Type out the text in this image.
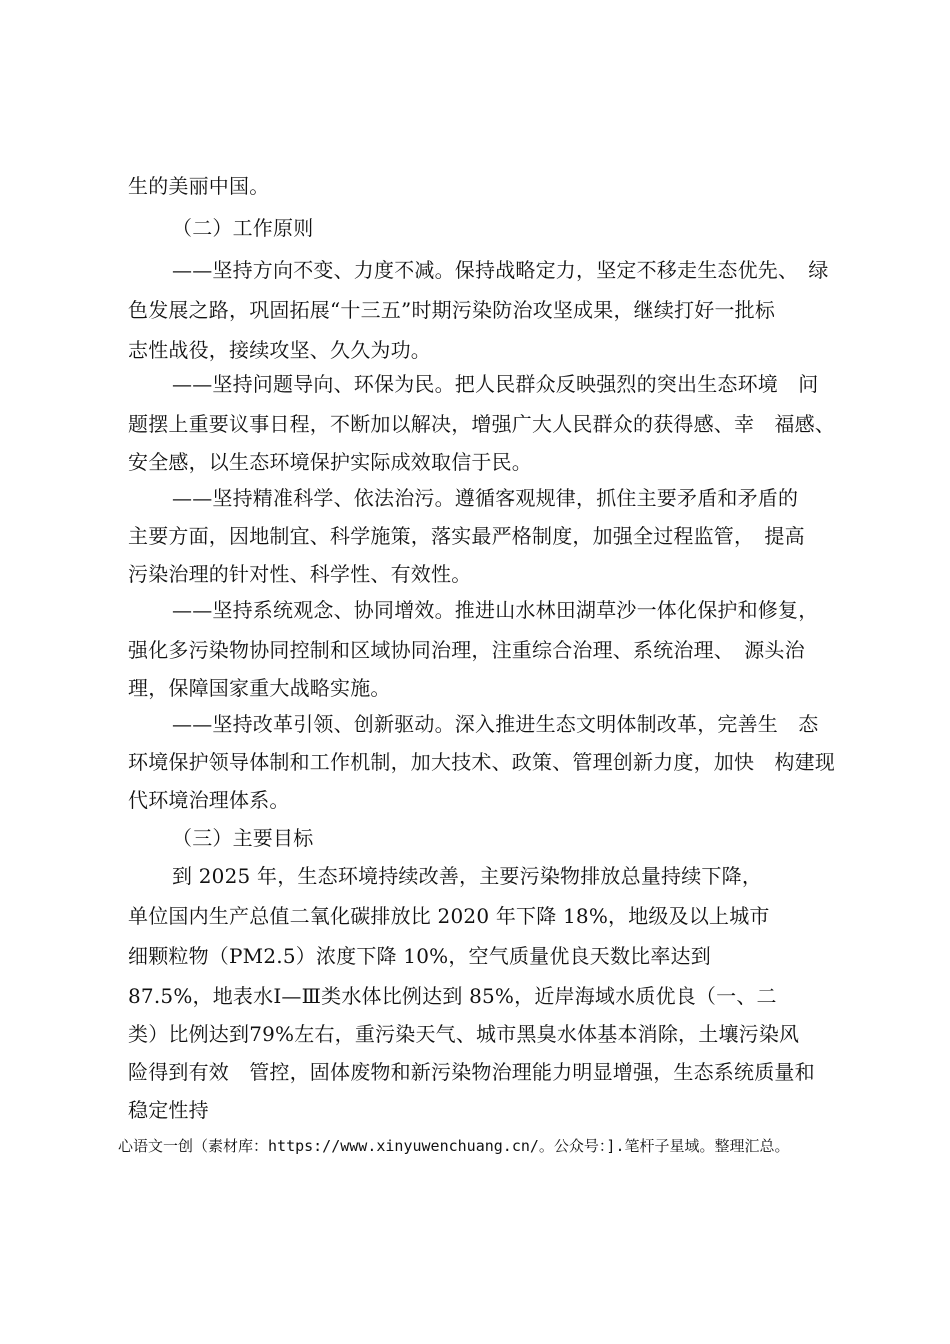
生的美丽中国。
（二）工作原则
——坚持方向不变、力度不减。保持战略定力，坚定不移走生态优先、　绿
色发展之路，巩固拓展“十三五”时期污染防治攻坚成果，继续打好一批标
志性战役，接续攻坚、久久为功。
——坚持问题导向、环保为民。把人民群众反映强烈的突出生态环境　问
题摆上重要议事日程，不断加以解决，增强广大人民群众的获得感、幸　福感、
安全感，以生态环境保护实际成效取信于民。
——坚持精准科学、依法治污。遵循客观规律，抓住主要矛盾和矛盾的
主要方面，因地制宜、科学施策，落实最严格制度，加强全过程监管，　提高
污染治理的针对性、科学性、有效性。
——坚持系统观念、协同增效。推进山水林田湖草沙一体化保护和修复，
强化多污染物协同控制和区域协同治理，注重综合治理、系统治理、　源头治
理，保障国家重大战略实施。
——坚持改革引领、创新驱动。深入推进生态文明体制改革，完善生　态
环境保护领导体制和工作机制，加大技术、政策、管理创新力度，加快　构建现
代环境治理体系。
（三）主要目标
到 2025 年，生态环境持续改善，主要污染物排放总量持续下降，
单位国内生产总值二氧化碳排放比 2020 年下降 18%，地级及以上城市
细颗粒物（PM2.5）浓度下降 10%，空气质量优良天数比率达到
87.5%，地表水Ⅰ—Ⅲ类水体比例达到 85%，近岸海域水质优良（一、二
类）比例达到79%左右，重污染天气、城市黑臭水体基本消除，土壤污染风
险得到有效　管控，固体废物和新污染物治理能力明显增强，生态系统质量和
稳定性持
心语文一创（素材库：https://www.xinyuwenchuang.cn/。公众号：].笔杆子星域。整理汇总。
